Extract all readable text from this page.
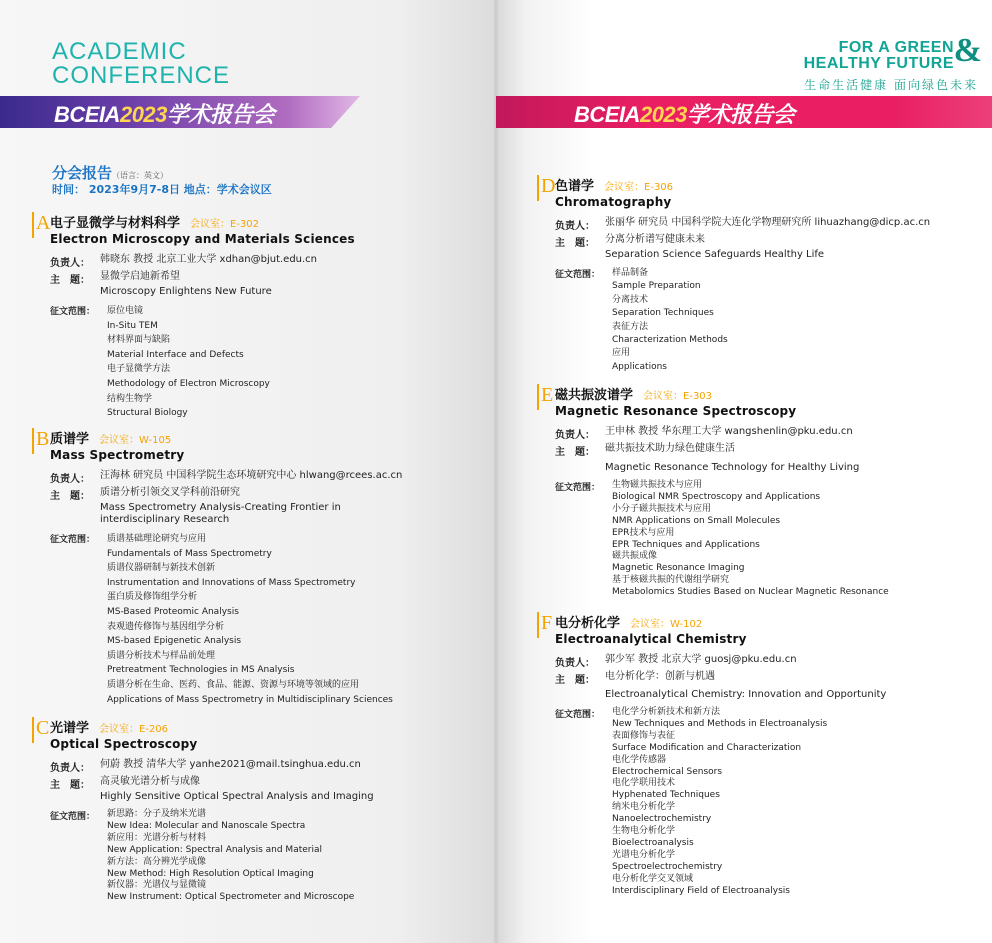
ACADEMIC
CONFERENCE
BCEIA2023学术报告会
FOR A GREEN
HEALTHY FUTURE &
生命生活健康 面向绿色未来
BCEIA2023学术报告会
分会报告（语言：英文）
时间： 2023年9月7-8日 地点：学术会议区
A 电子显微学与材料科学 会议室：E-302
Electron Microscopy and Materials Sciences
负责人：	韩晓东 教授 北京工业大学 xdhan@bjut.edu.cn
主　题：	显微学启迪新希望
Microscopy Enlightens New Future
征文范围：	原位电镜
In-Situ TEM
材料界面与缺陷
Material Interface and Defects
电子显微学方法
Methodology of Electron Microscopy
结构生物学
Structural Biology
B 质谱学 会议室：W-105
Mass Spectrometry
负责人：	汪海林 研究员 中国科学院生态环境研究中心 hlwang@rcees.ac.cn
主　题：	质谱分析引领交叉学科前沿研究
Mass Spectrometry Analysis-Creating Frontier in
interdisciplinary Research
征文范围：	质谱基础理论研究与应用
Fundamentals of Mass Spectrometry
质谱仪器研制与新技术创新
Instrumentation and Innovations of Mass Spectrometry
蛋白质及修饰组学分析
MS-Based Proteomic Analysis
表观遗传修饰与基因组学分析
MS-based Epigenetic Analysis
质谱分析技术与样品前处理
Pretreatment Technologies in MS Analysis
质谱分析在生命、医药、食品、能源、资源与环境等领域的应用
Applications of Mass Spectrometry in Multidisciplinary Sciences
C 光谱学 会议室：E-206
Optical Spectroscopy
负责人：	何蔚 教授 清华大学 yanhe2021@mail.tsinghua.edu.cn
主　题：	高灵敏光谱分析与成像
Highly Sensitive Optical Spectral Analysis and Imaging
征文范围：	新思路：分子及纳米光谱
New Idea: Molecular and Nanoscale Spectra
新应用：光谱分析与材料
New Application: Spectral Analysis and Material
新方法：高分辨光学成像
New Method: High Resolution Optical Imaging
新仪器：光谱仪与显微镜
New Instrument: Optical Spectrometer and Microscope
D 色谱学 会议室：E-306
Chromatography
负责人：	张丽华 研究员 中国科学院大连化学物理研究所 lihuazhang@dicp.ac.cn
主　题：	分离分析谱写健康未来
Separation Science Safeguards Healthy Life
征文范围：	样品制备
Sample Preparation
分离技术
Separation Techniques
表征方法
Characterization Methods
应用
Applications
E 磁共振波谱学 会议室：E-303
Magnetic Resonance Spectroscopy
负责人：	王申林 教授 华东理工大学 wangshenlin@pku.edu.cn
主　题：	磁共振技术助力绿色健康生活
Magnetic Resonance Technology for Healthy Living
征文范围：	生物磁共振技术与应用
Biological NMR Spectroscopy and Applications
小分子磁共振技术与应用
NMR Applications on Small Molecules
EPR技术与应用
EPR Techniques and Applications
磁共振成像
Magnetic Resonance Imaging
基于核磁共振的代谢组学研究
Metabolomics Studies Based on Nuclear Magnetic Resonance
F 电分析化学 会议室：W-102
Electroanalytical Chemistry
负责人：	郭少军 教授 北京大学 guosj@pku.edu.cn
主　题：	电分析化学：创新与机遇
Electroanalytical Chemistry: Innovation and Opportunity
征文范围：	电化学分析新技术和新方法
New Techniques and Methods in Electroanalysis
表面修饰与表征
Surface Modification and Characterization
电化学传感器
Electrochemical Sensors
电化学联用技术
Hyphenated Techniques
纳米电分析化学
Nanoelectrochemistry
生物电分析化学
Bioelectroanalysis
光谱电分析化学
Spectroelectrochemistry
电分析化学交叉领域
Interdisciplinary Field of Electroanalysis
